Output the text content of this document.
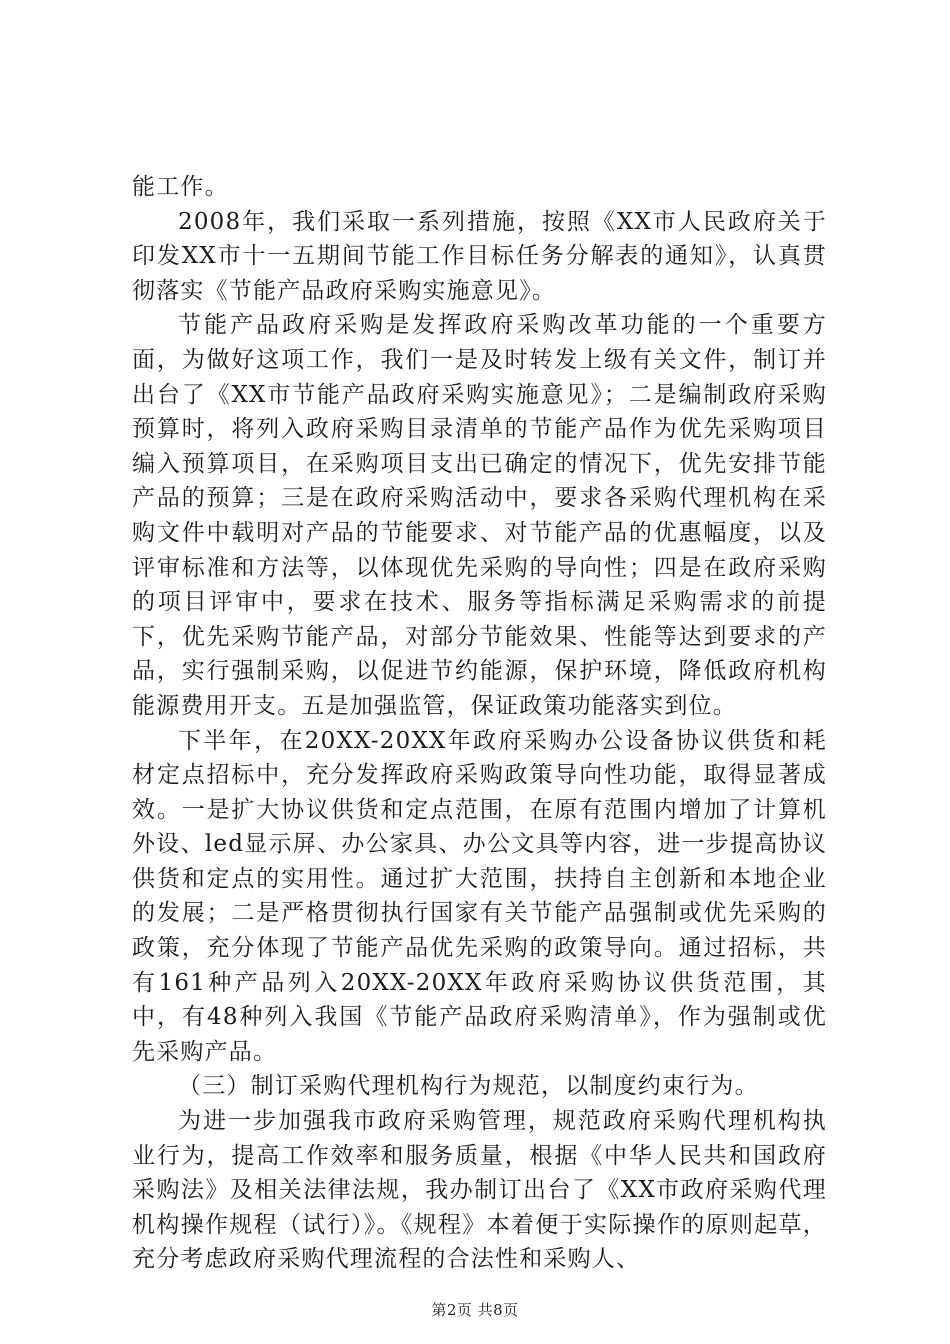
能工作。

2008年，我们采取一系列措施，按照《XX市人民政府关于印发XX市十一五期间节能工作目标任务分解表的通知》，认真贯彻落实《节能产品政府采购实施意见》。

节能产品政府采购是发挥政府采购改革功能的一个重要方面，为做好这项工作，我们一是及时转发上级有关文件，制订并出台了《XX市节能产品政府采购实施意见》；二是编制政府采购预算时，将列入政府采购目录清单的节能产品作为优先采购项目编入预算项目，在采购项目支出已确定的情况下，优先安排节能产品的预算；三是在政府采购活动中，要求各采购代理机构在采购文件中载明对产品的节能要求、对节能产品的优惠幅度，以及评审标准和方法等，以体现优先采购的导向性；四是在政府采购的项目评审中，要求在技术、服务等指标满足采购需求的前提下，优先采购节能产品，对部分节能效果、性能等达到要求的产品，实行强制采购，以促进节约能源，保护环境，降低政府机构能源费用开支。五是加强监管，保证政策功能落实到位。

下半年，在20XX-20XX年政府采购办公设备协议供货和耗材定点招标中，充分发挥政府采购政策导向性功能，取得显著成效。一是扩大协议供货和定点范围，在原有范围内增加了计算机外设、led显示屏、办公家具、办公文具等内容，进一步提高协议供货和定点的实用性。通过扩大范围，扶持自主创新和本地企业的发展；二是严格贯彻执行国家有关节能产品强制或优先采购的政策，充分体现了节能产品优先采购的政策导向。通过招标，共有161种产品列入20XX-20XX年政府采购协议供货范围，其中，有48种列入我国《节能产品政府采购清单》，作为强制或优先采购产品。

（三）制订采购代理机构行为规范，以制度约束行为。

为进一步加强我市政府采购管理，规范政府采购代理机构执业行为，提高工作效率和服务质量，根据《中华人民共和国政府采购法》及相关法律法规，我办制订出台了《XX市政府采购代理机构操作规程（试行）》。《规程》本着便于实际操作的原则起草，充分考虑政府采购代理流程的合法性和采购人、

第2页 共8页
